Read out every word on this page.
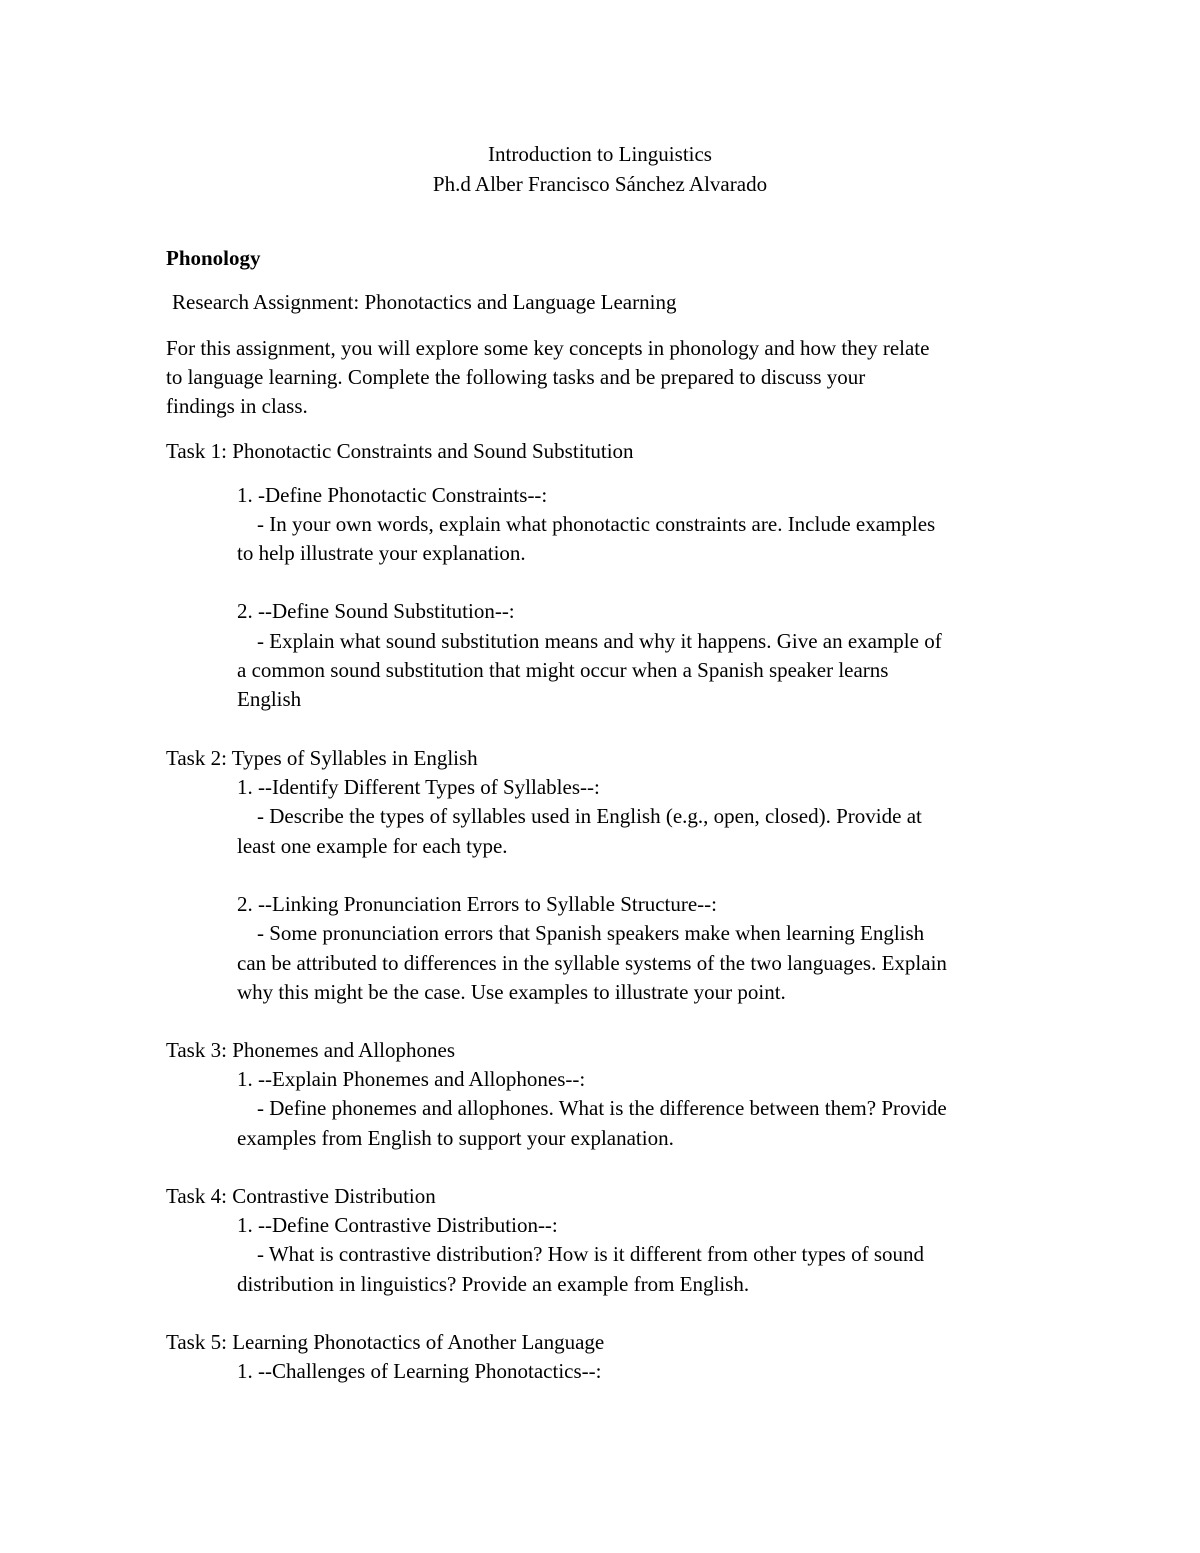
Introduction to Linguistics
Ph.d Alber Francisco Sánchez Alvarado
Phonology
Research Assignment: Phonotactics and Language Learning
For this assignment, you will explore some key concepts in phonology and how they relate
to language learning. Complete the following tasks and be prepared to discuss your
findings in class.
Task 1: Phonotactic Constraints and Sound Substitution
1. -Define Phonotactic Constraints--:
- In your own words, explain what phonotactic constraints are. Include examples
to help illustrate your explanation.
2. --Define Sound Substitution--:
- Explain what sound substitution means and why it happens. Give an example of
a common sound substitution that might occur when a Spanish speaker learns
English
Task 2: Types of Syllables in English
1. --Identify Different Types of Syllables--:
- Describe the types of syllables used in English (e.g., open, closed). Provide at
least one example for each type.
2. --Linking Pronunciation Errors to Syllable Structure--:
- Some pronunciation errors that Spanish speakers make when learning English
can be attributed to differences in the syllable systems of the two languages. Explain
why this might be the case. Use examples to illustrate your point.
Task 3: Phonemes and Allophones
1. --Explain Phonemes and Allophones--:
- Define phonemes and allophones. What is the difference between them? Provide
examples from English to support your explanation.
Task 4: Contrastive Distribution
1. --Define Contrastive Distribution--:
- What is contrastive distribution? How is it different from other types of sound
distribution in linguistics? Provide an example from English.
Task 5: Learning Phonotactics of Another Language
1. --Challenges of Learning Phonotactics--:
